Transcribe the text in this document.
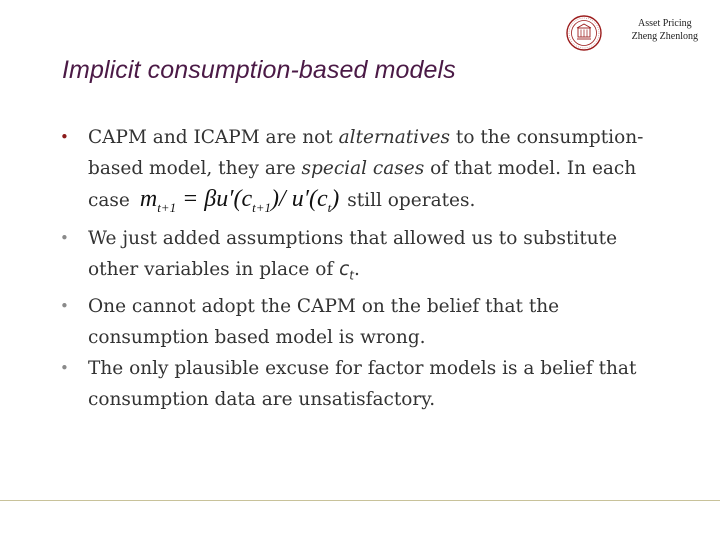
Asset Pricing
Zheng Zhenlong
Implicit consumption-based models
• CAPM and ICAPM are not alternatives to the consumption-based model, they are special cases of that model. In each case $m_{t+1} = \beta u'(c_{t+1})/$ $u'(c_t)$ still operates.
• We just added assumptions that allowed us to substitute other variables in place of $c_t$.
• One cannot adopt the CAPM on the belief that the consumption based model is wrong.
• The only plausible excuse for factor models is a belief that consumption data are unsatisfactory.
